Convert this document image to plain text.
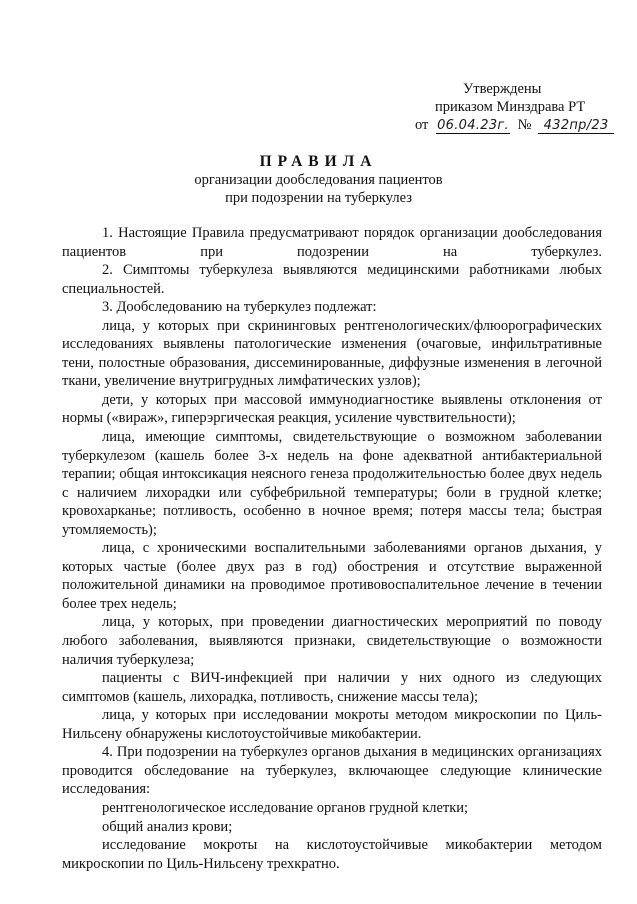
Утверждены
приказом Минздрава РТ
от 06.04.23г. № 432пр/23
ПРАВИЛА
организации дообследования пациентов
при подозрении на туберкулез

1. Настоящие Правила предусматривают порядок организации дообследования пациентов при подозрении на туберкулез.

2. Симптомы туберкулеза выявляются медицинскими работниками любых специальностей.

3. Дообследованию на туберкулез подлежат:

лица, у которых при скрининговых рентгенологических/флюорографических исследованиях выявлены патологические изменения (очаговые, инфильтративные тени, полостные образования, диссеминированные, диффузные изменения в легочной ткани, увеличение внутригрудных лимфатических узлов);

дети, у которых при массовой иммунодиагностике выявлены отклонения от нормы («вираж», гиперэргическая реакция, усиление чувствительности);

лица, имеющие симптомы, свидетельствующие о возможном заболевании туберкулезом (кашель более 3-х недель на фоне адекватной антибактериальной терапии; общая интоксикация неясного генеза продолжительностью более двух недель с наличием лихорадки или субфебрильной температуры; боли в грудной клетке; кровохарканье; потливость, особенно в ночное время; потеря массы тела; быстрая утомляемость);

лица, с хроническими воспалительными заболеваниями органов дыхания, у которых частые (более двух раз в год) обострения и отсутствие выраженной положительной динамики на проводимое противовоспалительное лечение в течении более трех недель;

лица, у которых, при проведении диагностических мероприятий по поводу любого заболевания, выявляются признаки, свидетельствующие о возможности наличия туберкулеза;

пациенты с ВИЧ-инфекцией при наличии у них одного из следующих симптомов (кашель, лихорадка, потливость, снижение массы тела);

лица, у которых при исследовании мокроты методом микроскопии по Циль-Нильсену обнаружены кислотоустойчивые микобактерии.

4. При подозрении на туберкулез органов дыхания в медицинских организациях проводится обследование на туберкулез, включающее следующие клинические исследования:

рентгенологическое исследование органов грудной клетки;

общий анализ крови;

исследование мокроты на кислотоустойчивые микобактерии методом микроскопии по Циль-Нильсену трехкратно.
